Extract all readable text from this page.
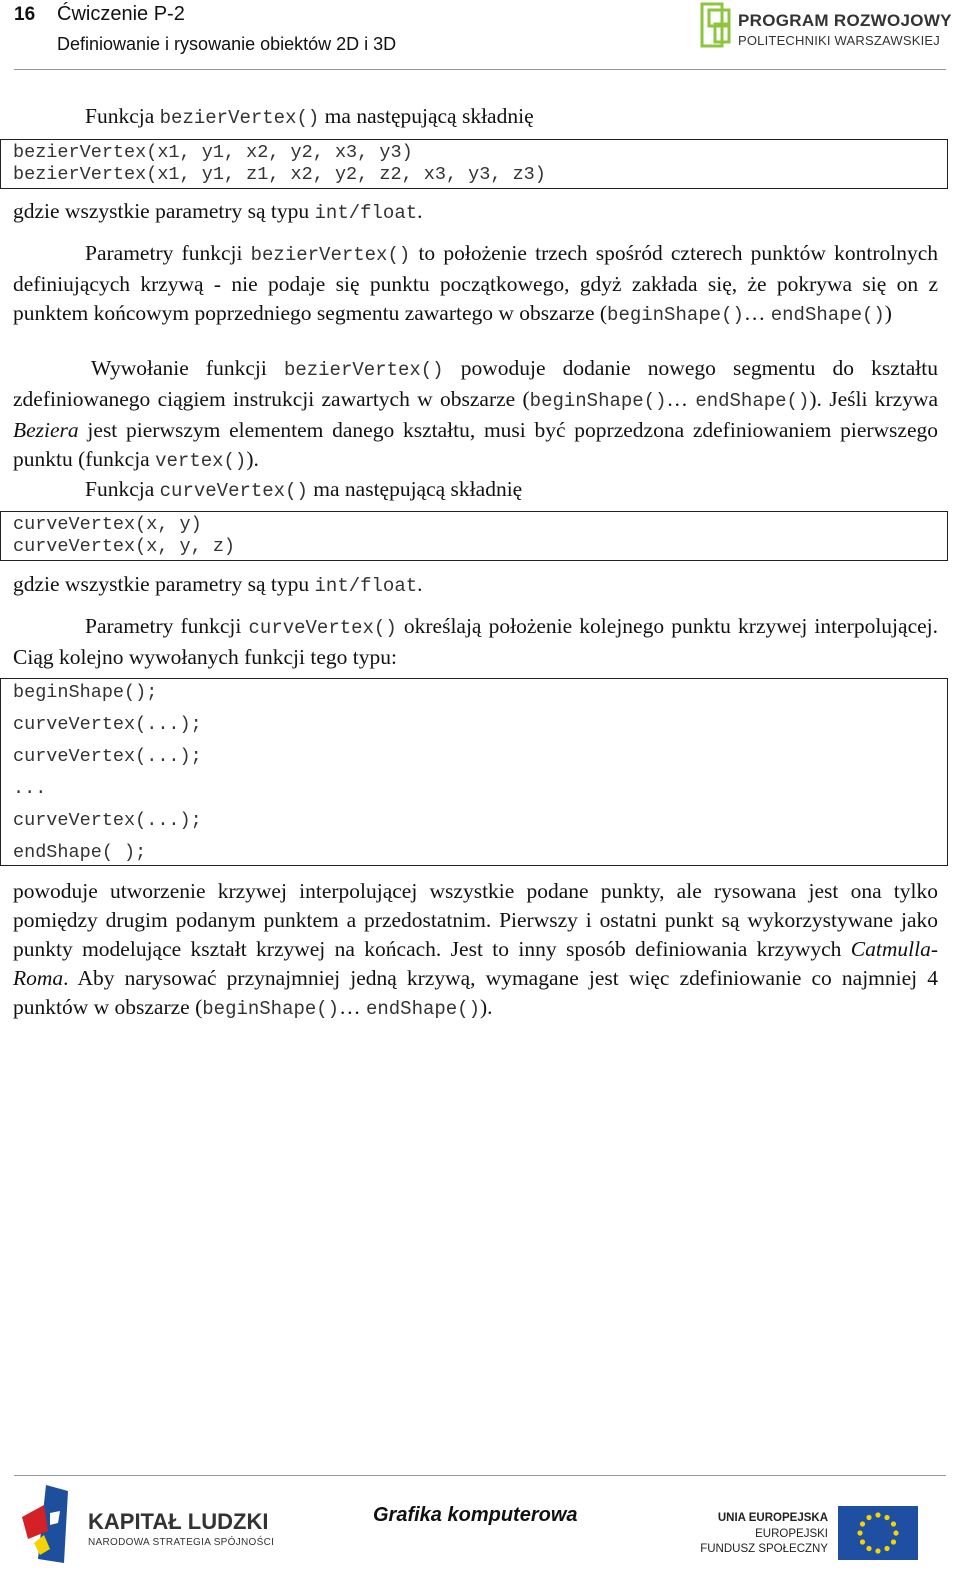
16 Ćwiczenie P-2
Definiowanie i rysowanie obiektów 2D i 3D
PROGRAM ROZWOJOWY
POLITECHNIKI WARSZAWSKIEJ
Funkcja bezierVertex() ma następującą składnię
bezierVertex(x1, y1, x2, y2, x3, y3)
bezierVertex(x1, y1, z1, x2, y2, z2, x3, y3, z3)
gdzie wszystkie parametry są typu int/float.
Parametry funkcji bezierVertex() to położenie trzech spośród czterech punktów kontrolnych definiujących krzywą - nie podaje się punktu początkowego, gdyż zakłada się, że pokrywa się on z punktem końcowym poprzedniego segmentu zawartego w obszarze (beginShape()… endShape())
Wywołanie funkcji bezierVertex() powoduje dodanie nowego segmentu do kształtu zdefiniowanego ciągiem instrukcji zawartych w obszarze (beginShape()… endShape()). Jeśli krzywa Beziera jest pierwszym elementem danego kształtu, musi być poprzedzona zdefiniowaniem pierwszego punktu (funkcja vertex()).
Funkcja curveVertex() ma następującą składnię
curveVertex(x, y)
curveVertex(x, y, z)
gdzie wszystkie parametry są typu int/float.
Parametry funkcji curveVertex() określają położenie kolejnego punktu krzywej interpolującej. Ciąg kolejno wywołanych funkcji tego typu:
beginShape();
curveVertex(...);
curveVertex(...);
...
curveVertex(...);
endShape( );
powoduje utworzenie krzywej interpolującej wszystkie podane punkty, ale rysowana jest ona tylko pomiędzy drugim podanym punktem a przedostatnim. Pierwszy i ostatni punkt są wykorzystywane jako punkty modelujące kształt krzywej na końcach. Jest to inny sposób definiowania krzywych Catmulla-Roma. Aby narysować przynajmniej jedną krzywą, wymagane jest więc zdefiniowanie co najmniej 4 punktów w obszarze (beginShape()… endShape()).
KAPITAŁ LUDZKI
NARODOWA STRATEGIA SPÓJNOŚCI
Grafika komputerowa	UNIA EUROPEJSKA
EUROPEJSKI
FUNDUSZ SPOŁECZNY
